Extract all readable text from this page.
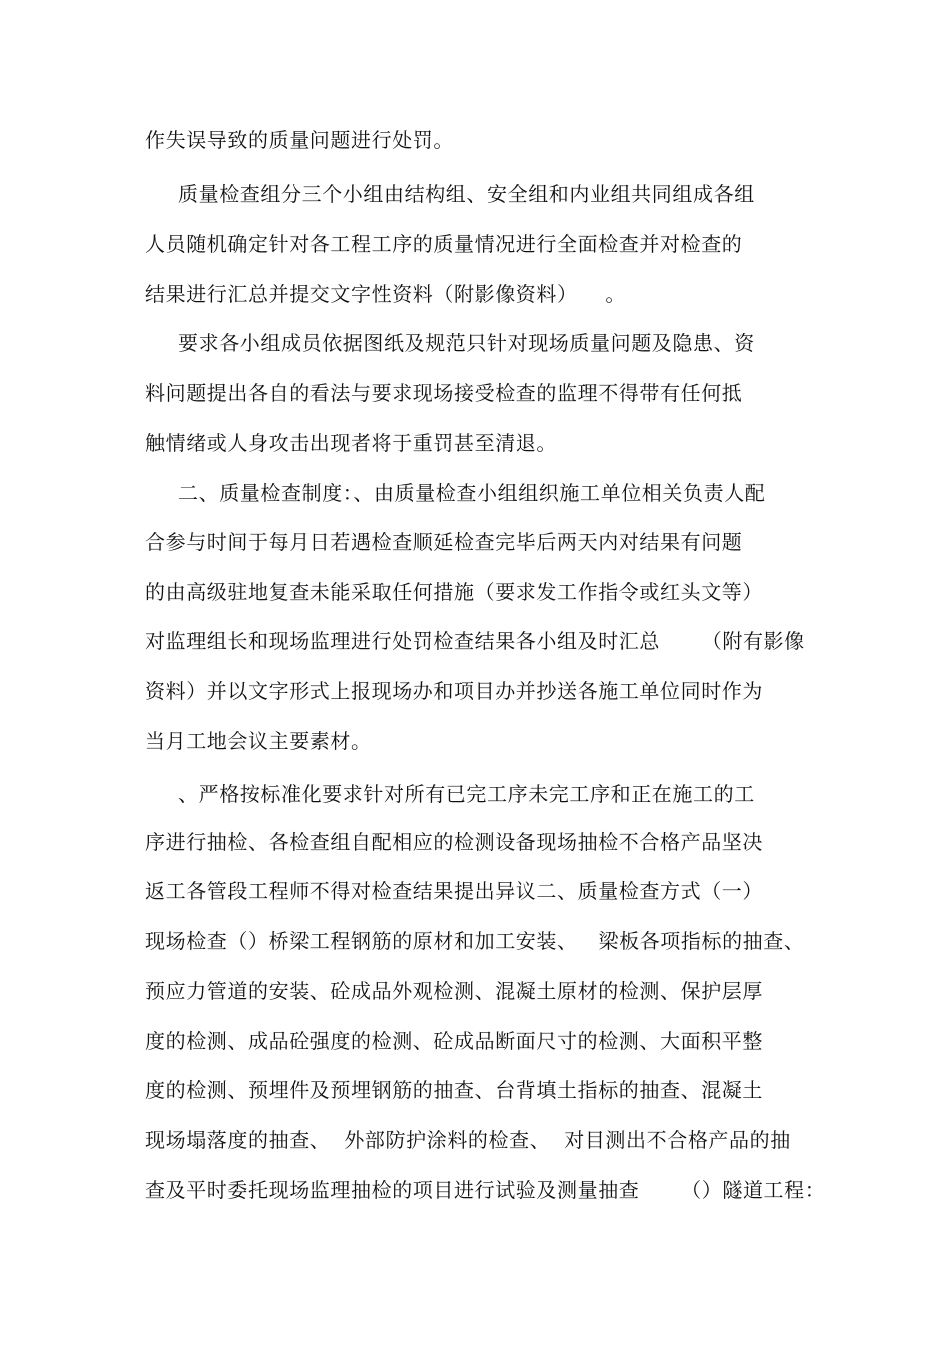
作失误导致的质量问题进行处罚。
质量检查组分三个小组由结构组、安全组和内业组共同组成各组
人员随机确定针对各工程工序的质量情况进行全面检查并对检查的
结果进行汇总并提交文字性资料（附影像资料）    。
要求各小组成员依据图纸及规范只针对现场质量问题及隐患、资
料问题提出各自的看法与要求现场接受检查的监理不得带有任何抵
触情绪或人身攻击出现者将于重罚甚至清退。
二、质量检查制度：、由质量检查小组组织施工单位相关负责人配
合参与时间于每月日若遇检查顺延检查完毕后两天内对结果有问题
的由高级驻地复查未能采取任何措施（要求发工作指令或红头文等）
对监理组长和现场监理进行处罚检查结果各小组及时汇总      （附有影像
资料）并以文字形式上报现场办和项目办并抄送各施工单位同时作为
当月工地会议主要素材。
、严格按标准化要求针对所有已完工序未完工序和正在施工的工
序进行抽检、各检查组自配相应的检测设备现场抽检不合格产品坚决
返工各管段工程师不得对检查结果提出异议二、质量检查方式（一）
现场检查（）桥梁工程钢筋的原材和加工安装、   梁板各项指标的抽查、
预应力管道的安装、砼成品外观检测、混凝土原材的检测、保护层厚
度的检测、成品砼强度的检测、砼成品断面尺寸的检测、大面积平整
度的检测、预埋件及预埋钢筋的抽查、台背填土指标的抽查、混凝土
现场塌落度的抽查、  外部防护涂料的检查、  对目测出不合格产品的抽
查及平时委托现场监理抽检的项目进行试验及测量抽查      （）隧道工程：
